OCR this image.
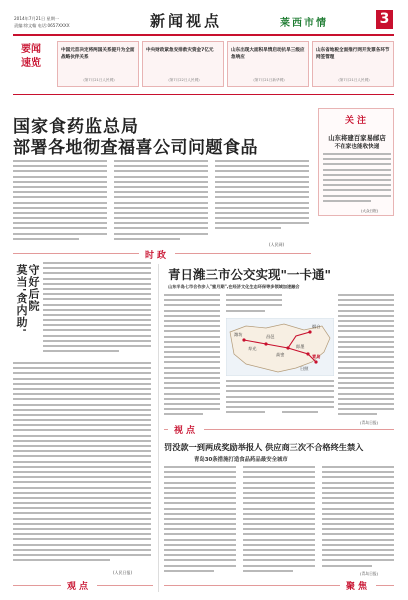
2014年7月21日 星期一
责编:徐文翰 电话:0657XXXX	新闻视点	莱西市情	3
要闻
速览
中国元首决定将两国关系提升为全面战略伙伴关系
(第7月21日人民网)
中央财政紧急安排救灾资金7亿元
(第7月22日人民网)
山东出现大面积旱情启动抗旱三级应急响应
(第7月21日新华网)
山东省地税全面推行网开发票各环节网签管理
(第7月21日人民网)
国家食药监总局
部署各地彻查福喜公司问题食品
(人民网)
时政
关注
山东将建百家易邮店
不在家也能收快递
(大众日报)
守好后院
莫当'贪内助'
(人民日报)
观点
青日潍三市公交实现"一卡通"
山东半岛七市合作步入"蜜月期",在经济文化生态环保等多领域加速融合
潍坊
寿光
昌邑
高密
日照
青岛
即墨
烟台
(青岛日报)
视点
罚没款一到两成奖励举报人 供应商三次不合格终生禁入
青岛30条措施打造食品药品最安全城市
(青岛日报)
聚焦
